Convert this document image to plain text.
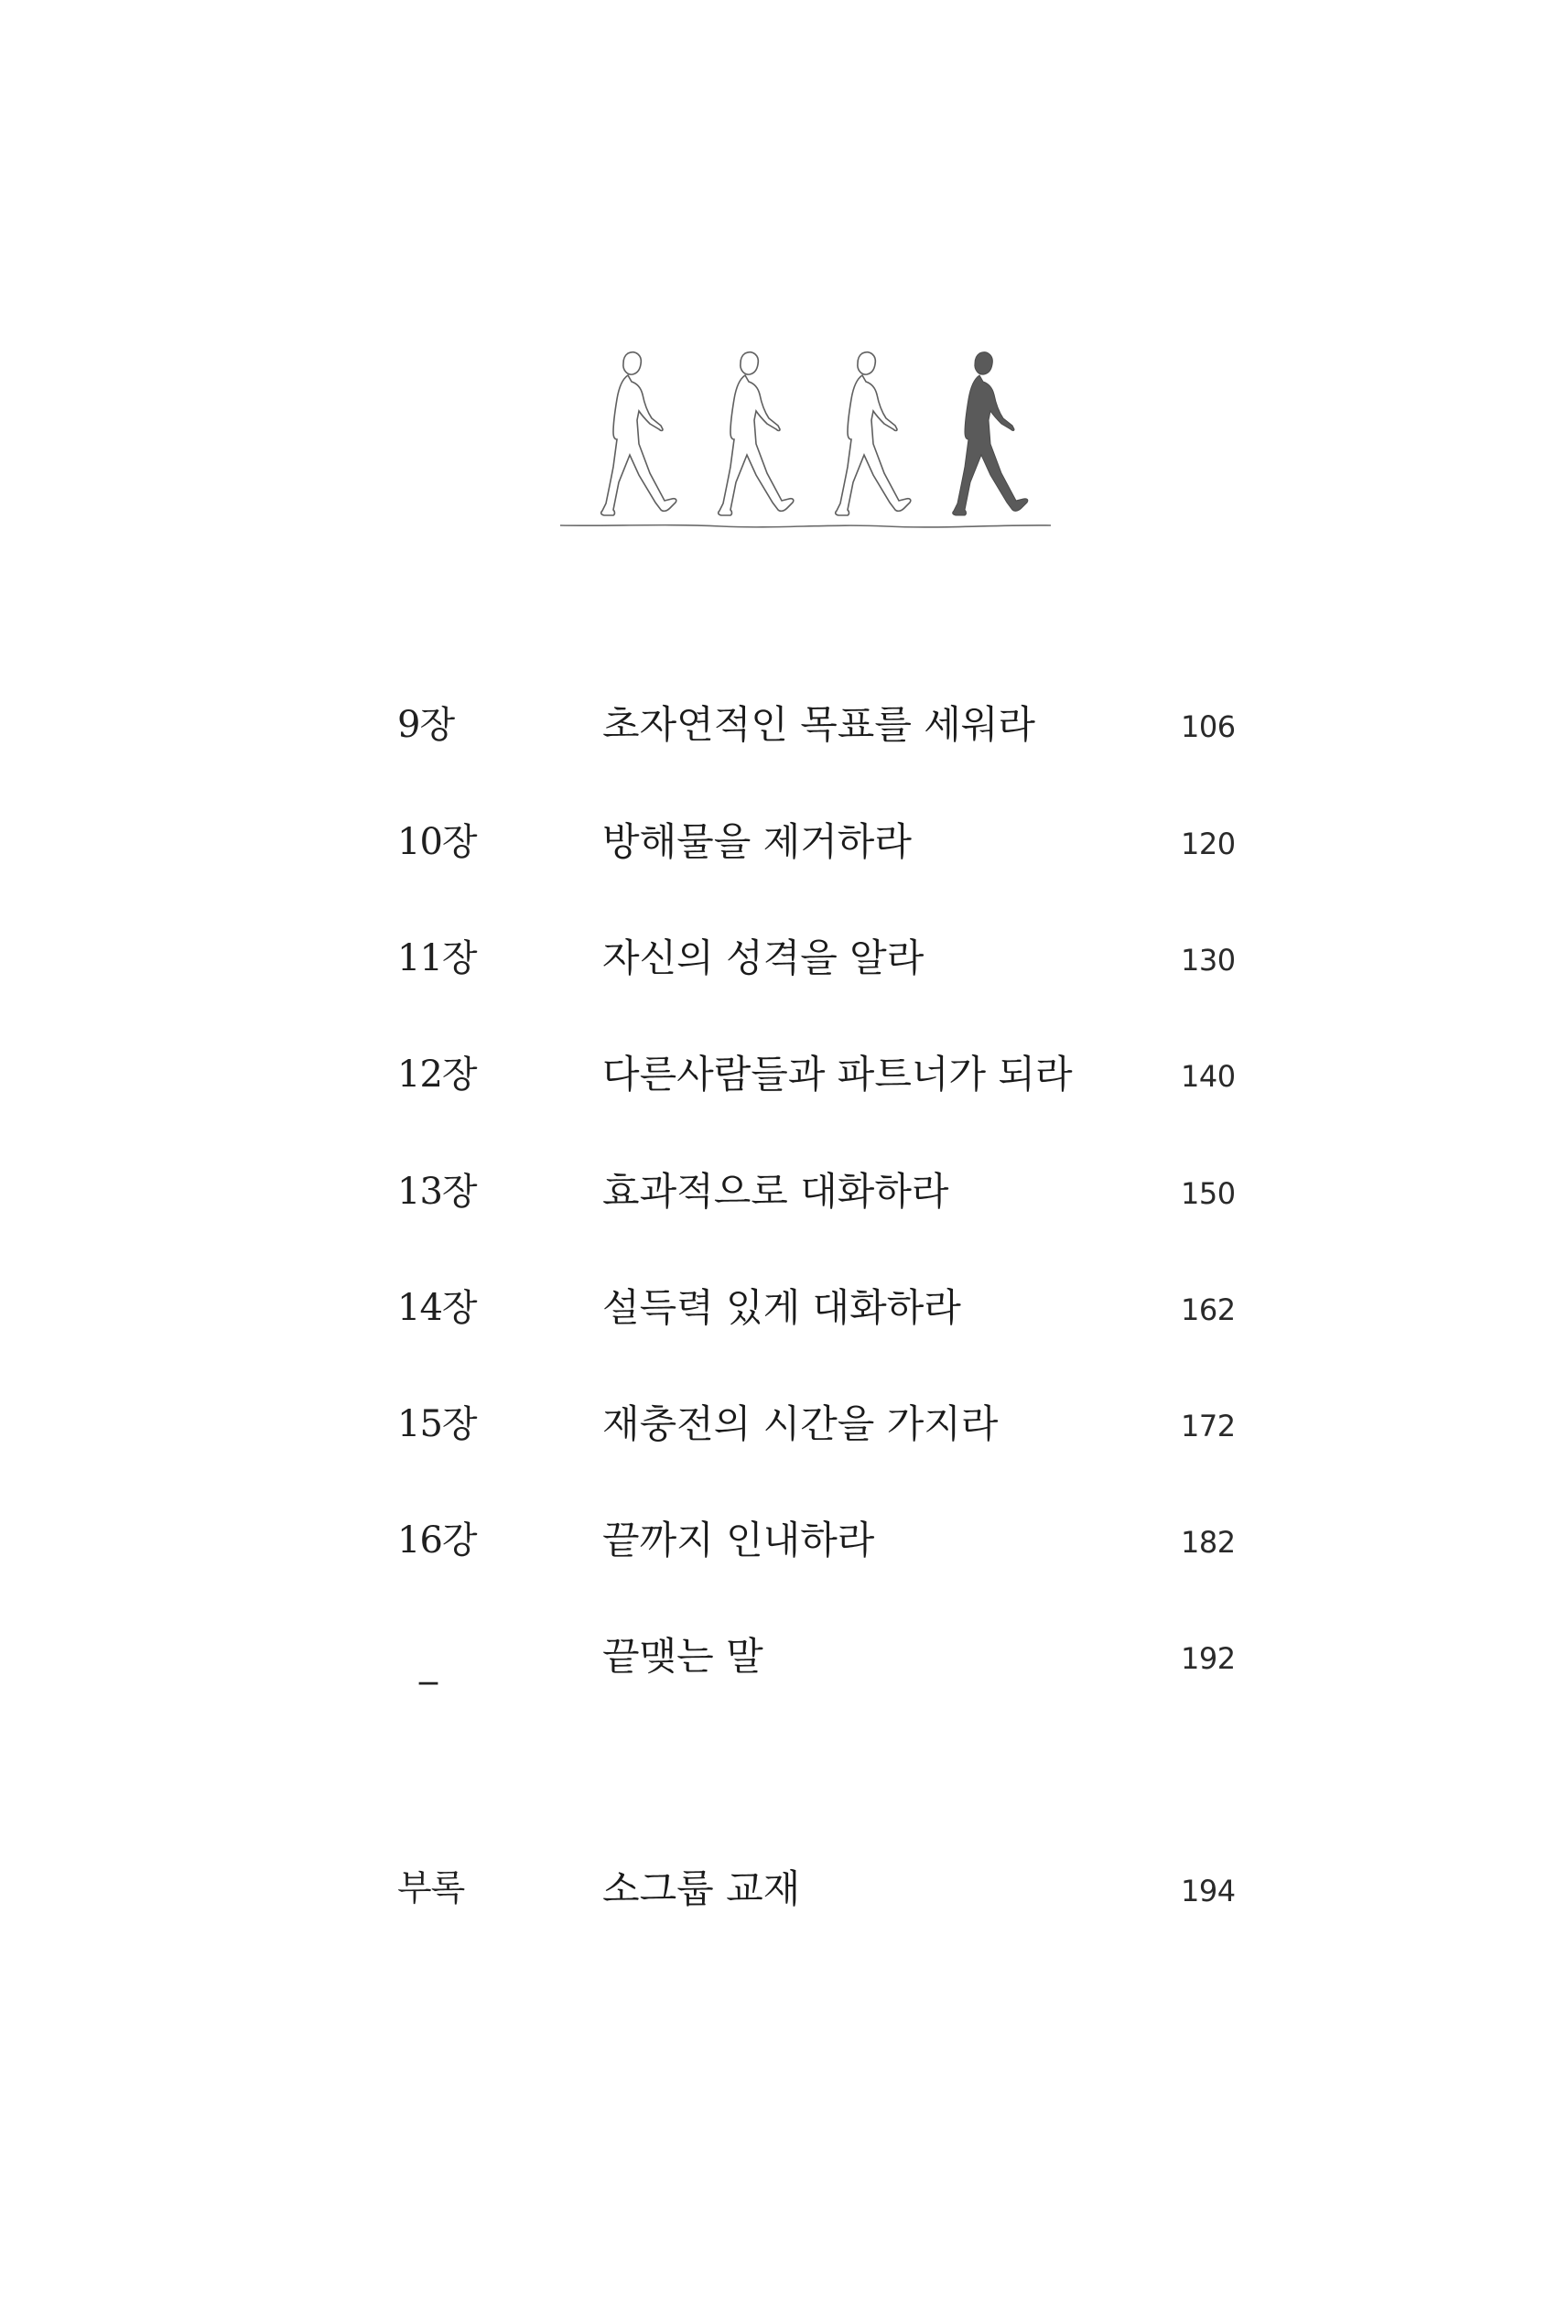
9장	초자연적인 목표를 세워라	106
10장	방해물을 제거하라	120
11장	자신의 성격을 알라	130
12장	다른사람들과 파트너가 되라	140
13장	효과적으로 대화하라	150
14장	설득력 있게 대화하라	162
15장	재충전의 시간을 가지라	172
16강	끝까지 인내하라	182
_	끝맺는 말	192
부록	소그룹 교재	194
